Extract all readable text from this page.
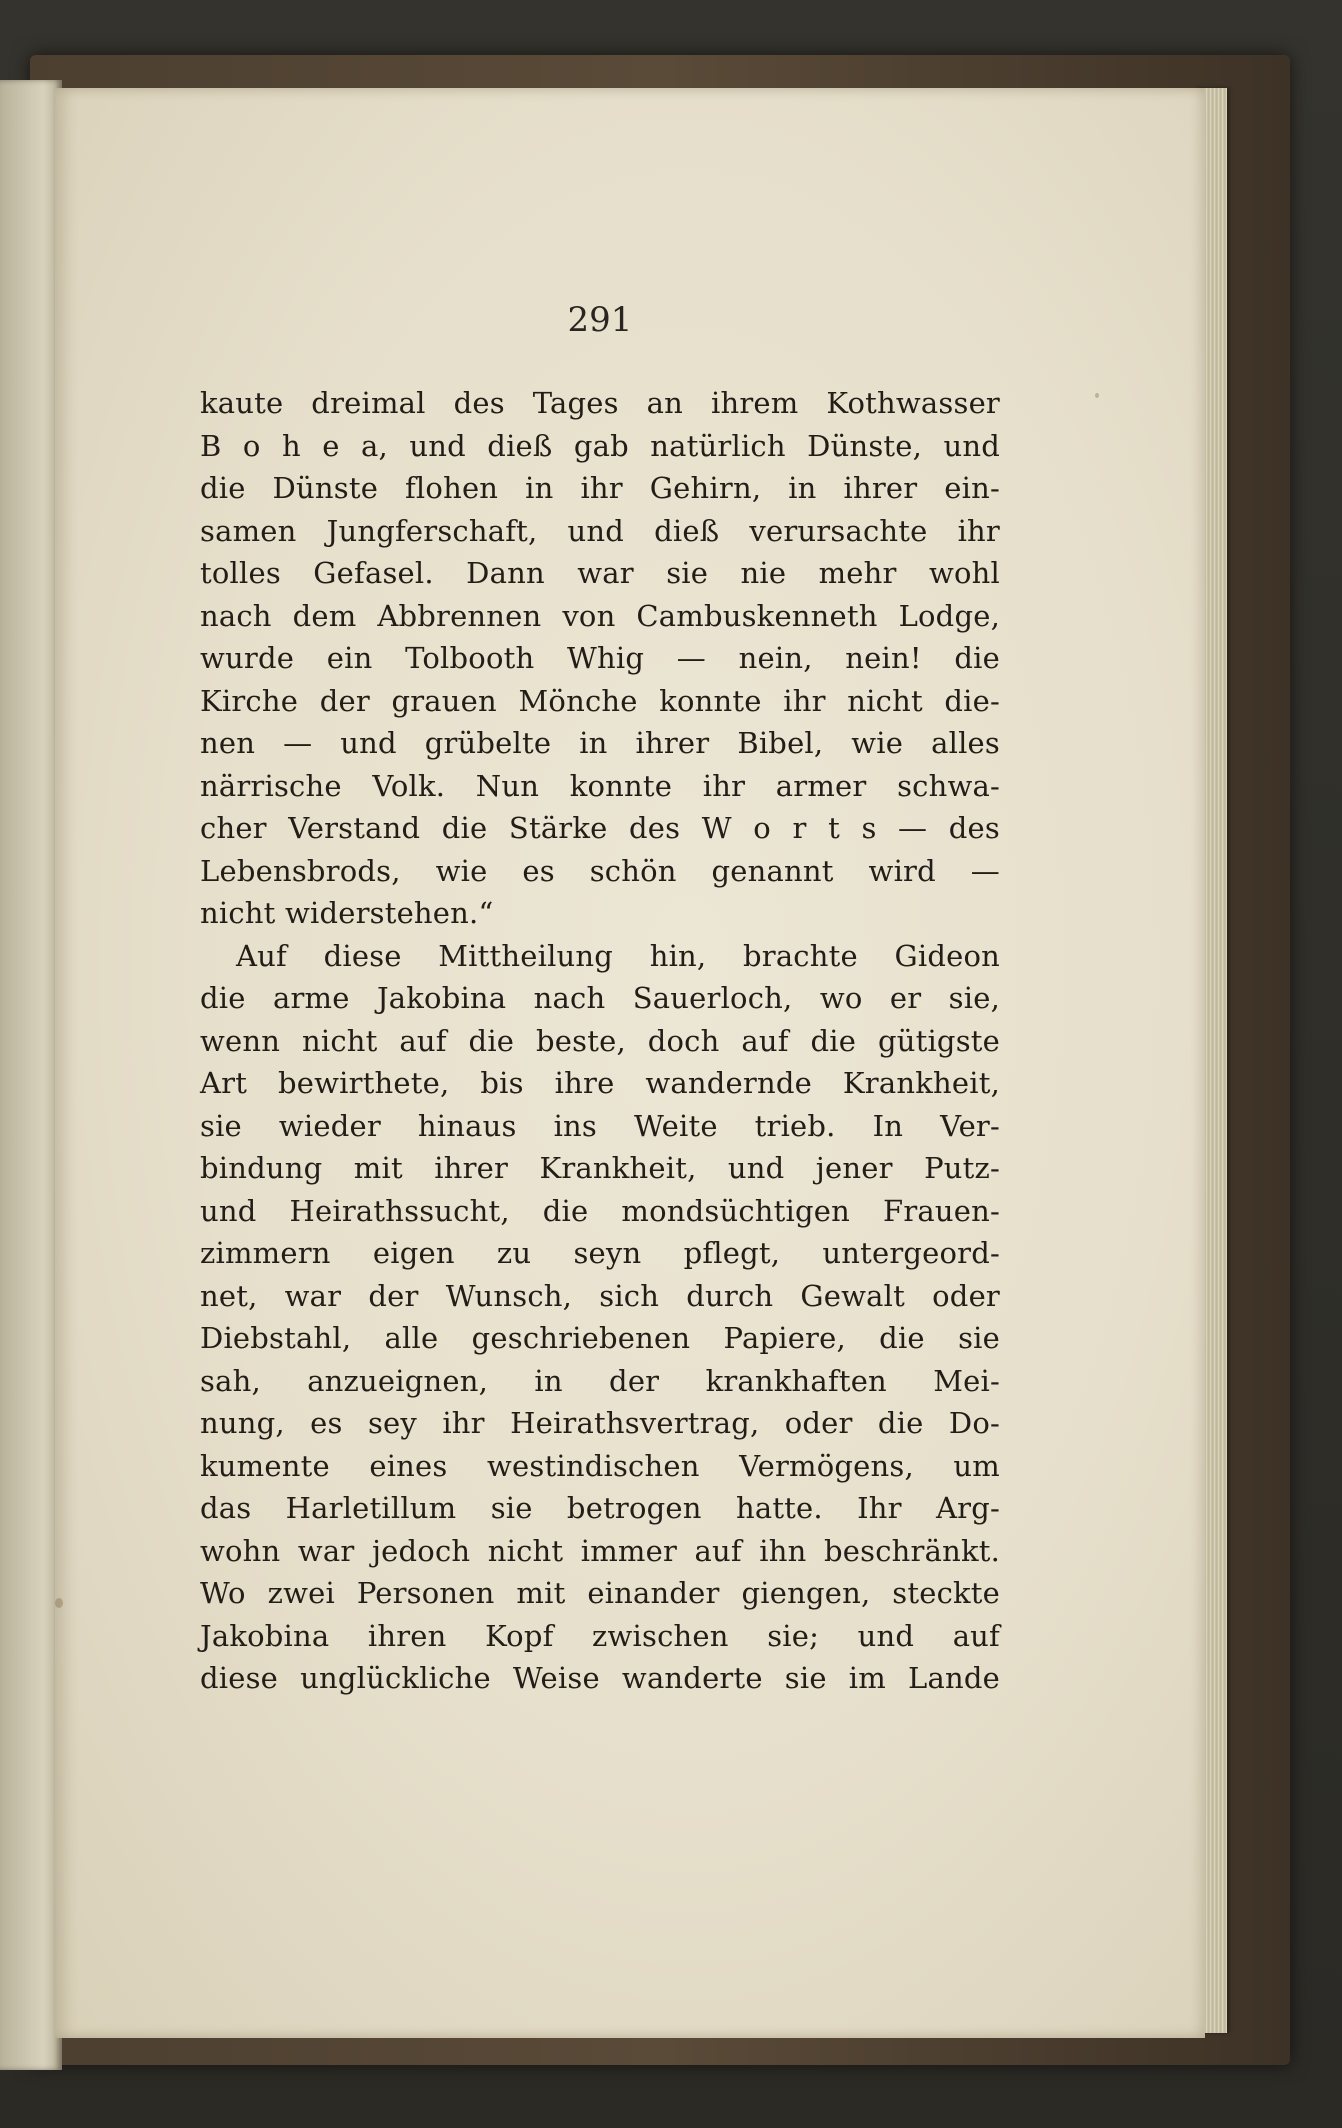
291
kaute dreimal des Tages an ihrem Kothwasser
B o h e a, und dieß gab natürlich Dünste, und
die Dünste flohen in ihr Gehirn, in ihrer ein-
samen Jungferschaft, und dieß verursachte ihr
tolles Gefasel. Dann war sie nie mehr wohl
nach dem Abbrennen von Cambuskenneth Lodge,
wurde ein Tolbooth Whig — nein, nein! die
Kirche der grauen Mönche konnte ihr nicht die-
nen — und grübelte in ihrer Bibel, wie alles
närrische Volk. Nun konnte ihr armer schwa-
cher Verstand die Stärke des W o r t s — des
Lebensbrods, wie es schön genannt wird —
nicht widerstehen.“
Auf diese Mittheilung hin, brachte Gideon
die arme Jakobina nach Sauerloch, wo er sie,
wenn nicht auf die beste, doch auf die gütigste
Art bewirthete, bis ihre wandernde Krankheit,
sie wieder hinaus ins Weite trieb. In Ver-
bindung mit ihrer Krankheit, und jener Putz-
und Heirathssucht, die mondsüchtigen Frauen-
zimmern eigen zu seyn pflegt, untergeord-
net, war der Wunsch, sich durch Gewalt oder
Diebstahl, alle geschriebenen Papiere, die sie
sah, anzueignen, in der krankhaften Mei-
nung, es sey ihr Heirathsvertrag, oder die Do-
kumente eines westindischen Vermögens, um
das Harletillum sie betrogen hatte. Ihr Arg-
wohn war jedoch nicht immer auf ihn beschränkt.
Wo zwei Personen mit einander giengen, steckte
Jakobina ihren Kopf zwischen sie; und auf
diese unglückliche Weise wanderte sie im Lande
